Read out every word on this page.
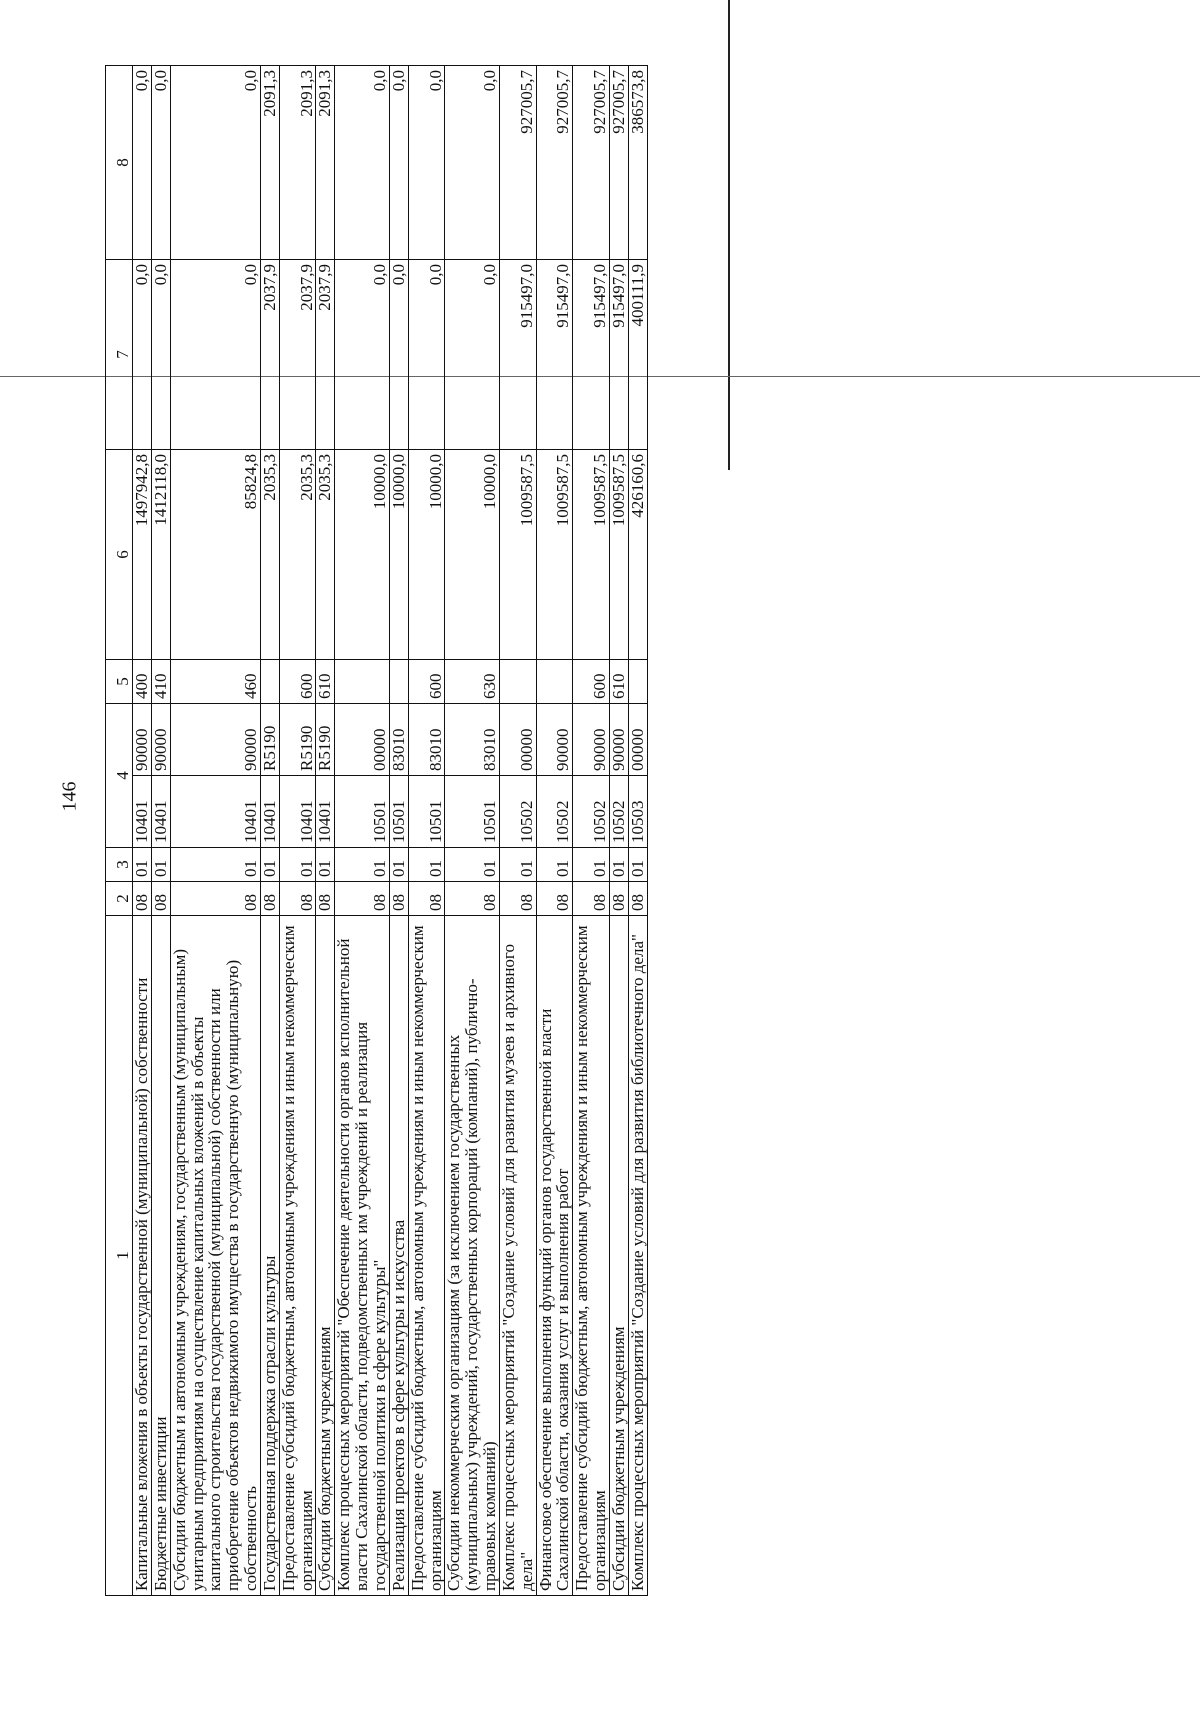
146
1	2	3	4		5	6	7	8
Капитальные вложения в объекты государственной (муниципальной) собственности	08	01	10401	90000	400	1497942,8	0,0	0,0
Бюджетные инвестиции	08	01	10401	90000	410	1412118,0	0,0	0,0
Субсидии бюджетным и автономным учреждениям, государственным (муниципальным) унитарным предприятиям на осуществление капитальных вложений в объекты капитального строительства государственной (муниципальной) собственности или приобретение объектов недвижимого имущества в государственную (муниципальную) собственность	08	01	10401	90000	460	85824,8	0,0	0,0
Государственная поддержка отрасли культуры	08	01	10401	R5190		2035,3	2037,9	2091,3
Предоставление субсидий бюджетным, автономным учреждениям и иным некоммерческим организациям	08	01	10401	R5190	600	2035,3	2037,9	2091,3
Субсидии бюджетным учреждениям	08	01	10401	R5190	610	2035,3	2037,9	2091,3
Комплекс процессных мероприятий "Обеспечение деятельности органов исполнительной власти Сахалинской области, подведомственных им учреждений и реализация государственной политики в сфере культуры"	08	01	10501	00000		10000,0	0,0	0,0
Реализация проектов в сфере культуры и искусства	08	01	10501	83010		10000,0	0,0	0,0
Предоставление субсидий бюджетным, автономным учреждениям и иным некоммерческим организациям	08	01	10501	83010	600	10000,0	0,0	0,0
Субсидии некоммерческим организациям (за исключением государственных (муниципальных) учреждений, государственных корпораций (компаний), публично-правовых компаний)	08	01	10501	83010	630	10000,0	0,0	0,0
Комплекс процессных мероприятий "Создание условий для развития музеев и архивного дела"	08	01	10502	00000		1009587,5	915497,0	927005,7
Финансовое обеспечение выполнения функций органов государственной власти Сахалинской области, оказания услуг и выполнения работ	08	01	10502	90000		1009587,5	915497,0	927005,7
Предоставление субсидий бюджетным, автономным учреждениям и иным некоммерческим организациям	08	01	10502	90000	600	1009587,5	915497,0	927005,7
Субсидии бюджетным учреждениям	08	01	10502	90000	610	1009587,5	915497,0	927005,7
Комплекс процессных мероприятий "Создание условий для развития библиотечного дела"	08	01	10503	00000		426160,6	400111,9	386573,8
